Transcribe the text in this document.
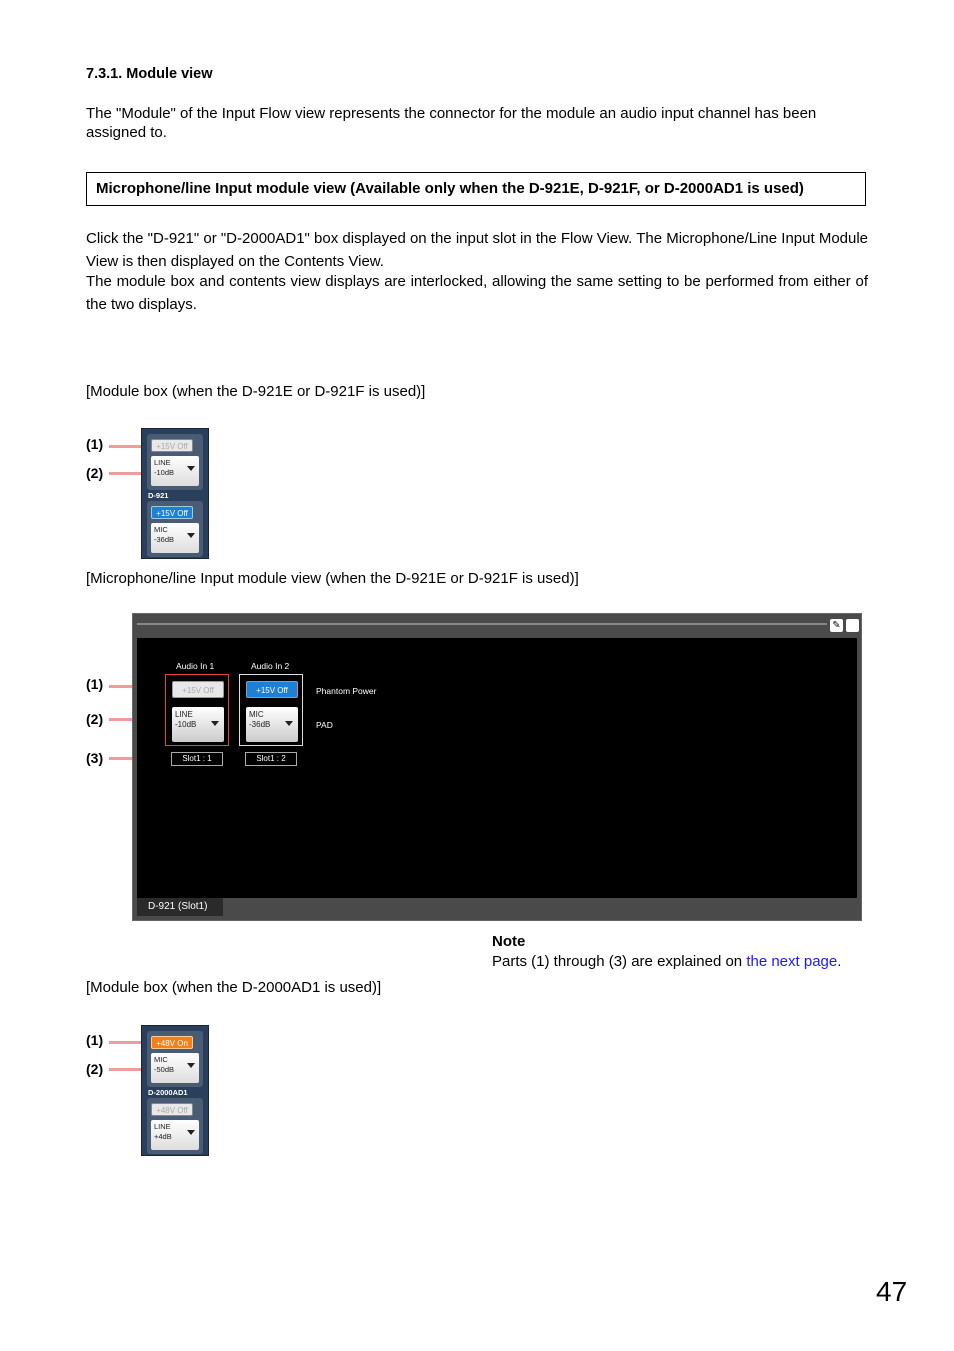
7.3.1. Module view
The "Module" of the Input Flow view represents the connector for the module an audio input channel has been assigned to.
Microphone/line Input module view (Available only when the D-921E, D-921F, or D-2000AD1 is used)
Click the "D-921" or "D-2000AD1" box displayed on the input slot in the Flow View. The Microphone/Line Input Module View is then displayed on the Contents View.
The module box and contents view displays are interlocked, allowing the same setting to be performed from either of the two displays.
[Module box (when the D-921E or D-921F is used)]
(1)
(2)
+15V Off
LINE
-10dB
D-921
+15V Off
MIC
-36dB
[Microphone/line Input module view (when the D-921E or D-921F is used)]
(1)
(2)
(3)
✎
Audio In 1	Audio In 2
+15V Off
LINE
-10dB
+15V Off
MIC
-36dB
Phantom Power
PAD
Slot1 : 1	Slot1 : 2
D-921 (Slot1)
Note
Parts (1) through (3) are explained on the next page.
[Module box (when the D-2000AD1 is used)]
(1)
(2)
+48V On
MIC
-50dB
D-2000AD1
+48V Off
LINE
+4dB
47
